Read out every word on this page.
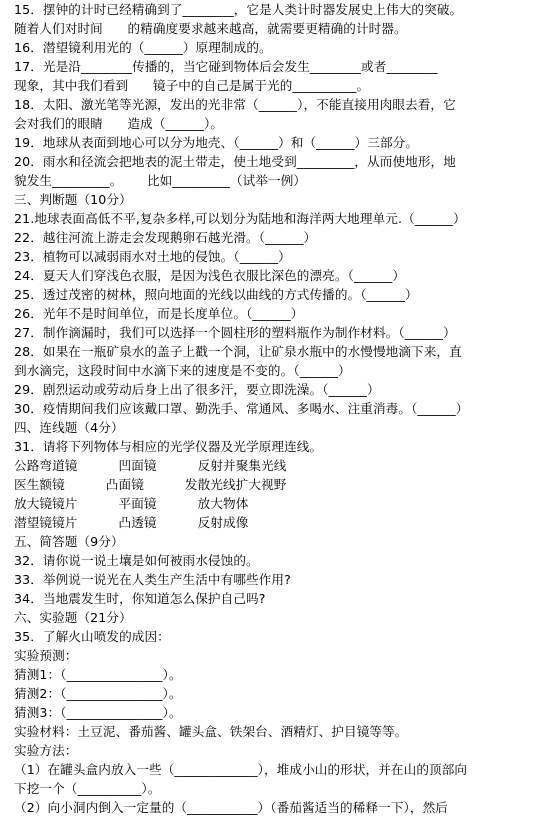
15．摆钟的计时已经精确到了________，它是人类计时器发展史上伟大的突破。
随着人们对时间      的精确度要求越来越高，就需要更精确的计时器。
16．潜望镜利用光的（______）原理制成的。
17．光是沿________传播的，当它碰到物体后会发生________或者________
现象，其中我们看到      镜子中的自己是属于光的__________。
18．太阳、激光笔等光源，发出的光非常（______），不能直接用肉眼去看，它
会对我们的眼睛      造成（______）。
19．地球从表面到地心可以分为地壳、（______）和（______）三部分。
20．雨水和径流会把地表的泥土带走，使土地受到_________，从而使地形，地
貌发生_________。      比如_________（试举一例）
三、判断题（10分）
21.地球表面高低不平,复杂多样,可以划分为陆地和海洋两大地理单元.（______）
22．越往河流上游走会发现鹅卵石越光滑。（______）
23．植物可以减弱雨水对土地的侵蚀。（______）
24．夏天人们穿浅色衣服，是因为浅色衣服比深色的漂亮。（______）
25．透过茂密的树林，照向地面的光线以曲线的方式传播的。（______）
26．光年不是时间单位，而是长度单位。（______）
27．制作滴漏时，我们可以选择一个圆柱形的塑料瓶作为制作材料。（______）
28．如果在一瓶矿泉水的盖子上戳一个洞，让矿泉水瓶中的水慢慢地滴下来，直
到水滴完，这段时间中水滴下来的速度是不变的。（______）
29．剧烈运动或劳动后身上出了很多汗，要立即洗澡。（______）
30．疫情期间我们应该戴口罩、勤洗手、常通风、多喝水、注重消毒。（______）
四、连线题（4分）
31．请将下列物体与相应的光学仪器及光学原理连线。
公路弯道镜          凹面镜          反射并聚集光线
医生额镜          凸面镜          发散光线扩大视野
放大镜镜片          平面镜          放大物体
潜望镜镜片          凸透镜          反射成像
五、简答题（9分）
32．请你说一说土壤是如何被雨水侵蚀的。
33．举例说一说光在人类生产生活中有哪些作用?
34．当地震发生时，你知道怎么保护自己吗?
六、实验题（21分）
35．了解火山喷发的成因：
实验预测：
猜测1：（_______________）。
猜测2：（_______________）。
猜测3：（_______________）。
实验材料：土豆泥、番茄酱、罐头盒、铁架台、酒精灯、护目镜等等。
实验方法：
（1）在罐头盒内放入一些（_____________），堆成小山的形状，并在山的顶部向
下挖一个（__________）。
（2）向小洞内倒入一定量的（___________）（番茄酱适当的稀释一下），然后
